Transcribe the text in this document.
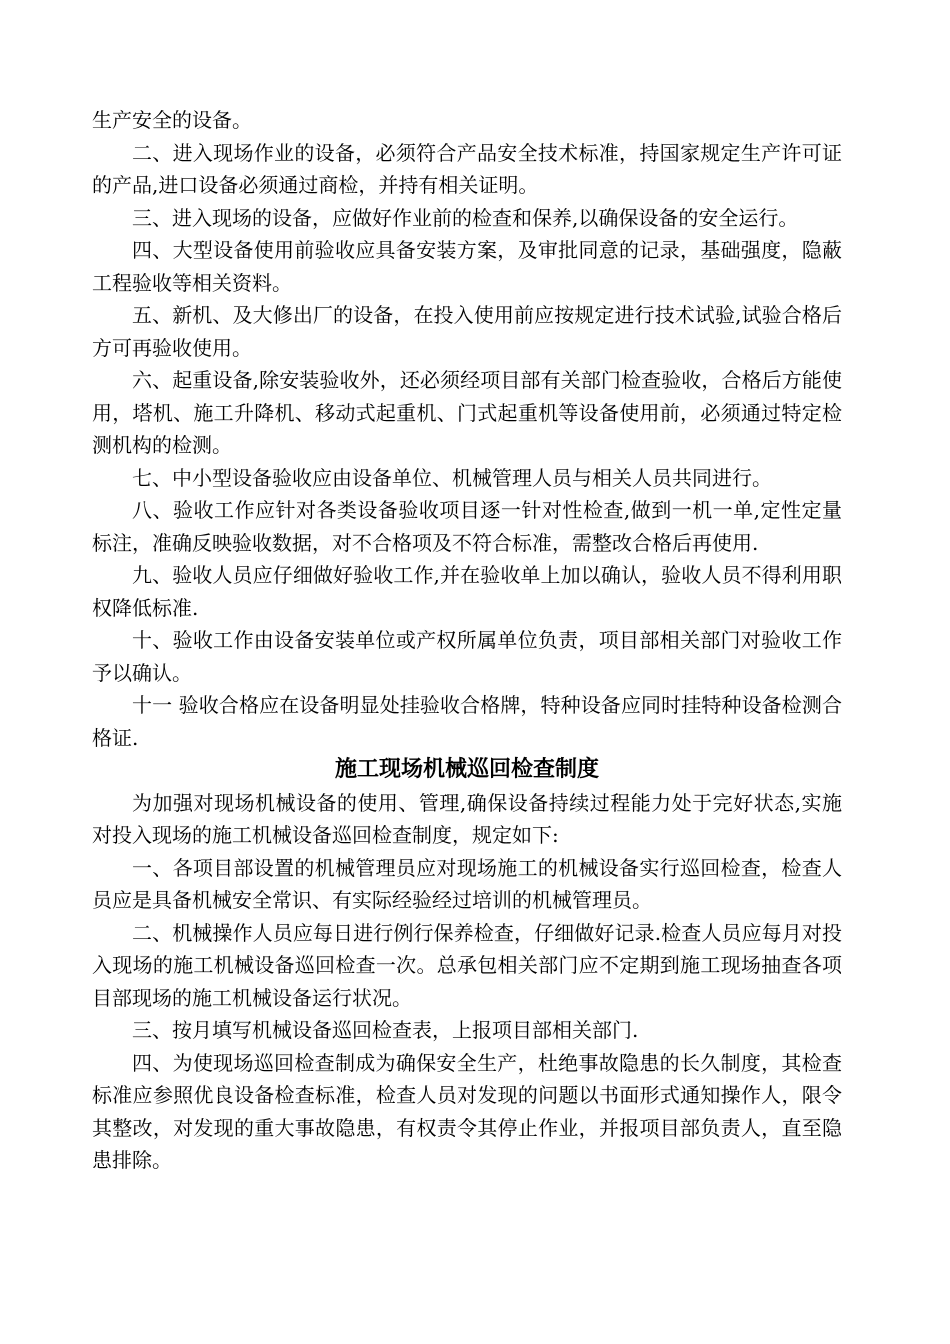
生产安全的设备。

二、进入现场作业的设备，必须符合产品安全技术标准，持国家规定生产许可证的产品,进口设备必须通过商检，并持有相关证明。

三、进入现场的设备，应做好作业前的检查和保养,以确保设备的安全运行。

四、大型设备使用前验收应具备安装方案，及审批同意的记录，基础强度，隐蔽工程验收等相关资料。

五、新机、及大修出厂的设备，在投入使用前应按规定进行技术试验,试验合格后方可再验收使用。

六、起重设备,除安装验收外，还必须经项目部有关部门检查验收，合格后方能使用，塔机、施工升降机、移动式起重机、门式起重机等设备使用前，必须通过特定检测机构的检测。

七、中小型设备验收应由设备单位、机械管理人员与相关人员共同进行。

八、验收工作应针对各类设备验收项目逐一针对性检查,做到一机一单,定性定量标注，准确反映验收数据，对不合格项及不符合标准，需整改合格后再使用.

九、验收人员应仔细做好验收工作,并在验收单上加以确认，验收人员不得利用职权降低标准.

十、验收工作由设备安装单位或产权所属单位负责，项目部相关部门对验收工作予以确认。

十一 验收合格应在设备明显处挂验收合格牌，特种设备应同时挂特种设备检测合格证.

施工现场机械巡回检查制度

为加强对现场机械设备的使用、管理,确保设备持续过程能力处于完好状态,实施对投入现场的施工机械设备巡回检查制度，规定如下:

一、各项目部设置的机械管理员应对现场施工的机械设备实行巡回检查，检查人员应是具备机械安全常识、有实际经验经过培训的机械管理员。

二、机械操作人员应每日进行例行保养检查，仔细做好记录.检查人员应每月对投入现场的施工机械设备巡回检查一次。总承包相关部门应不定期到施工现场抽查各项目部现场的施工机械设备运行状况。

三、按月填写机械设备巡回检查表，上报项目部相关部门.

四、为使现场巡回检查制成为确保安全生产，杜绝事故隐患的长久制度，其检查标准应参照优良设备检查标准，检查人员对发现的问题以书面形式通知操作人，限令其整改，对发现的重大事故隐患，有权责令其停止作业，并报项目部负责人，直至隐患排除。
